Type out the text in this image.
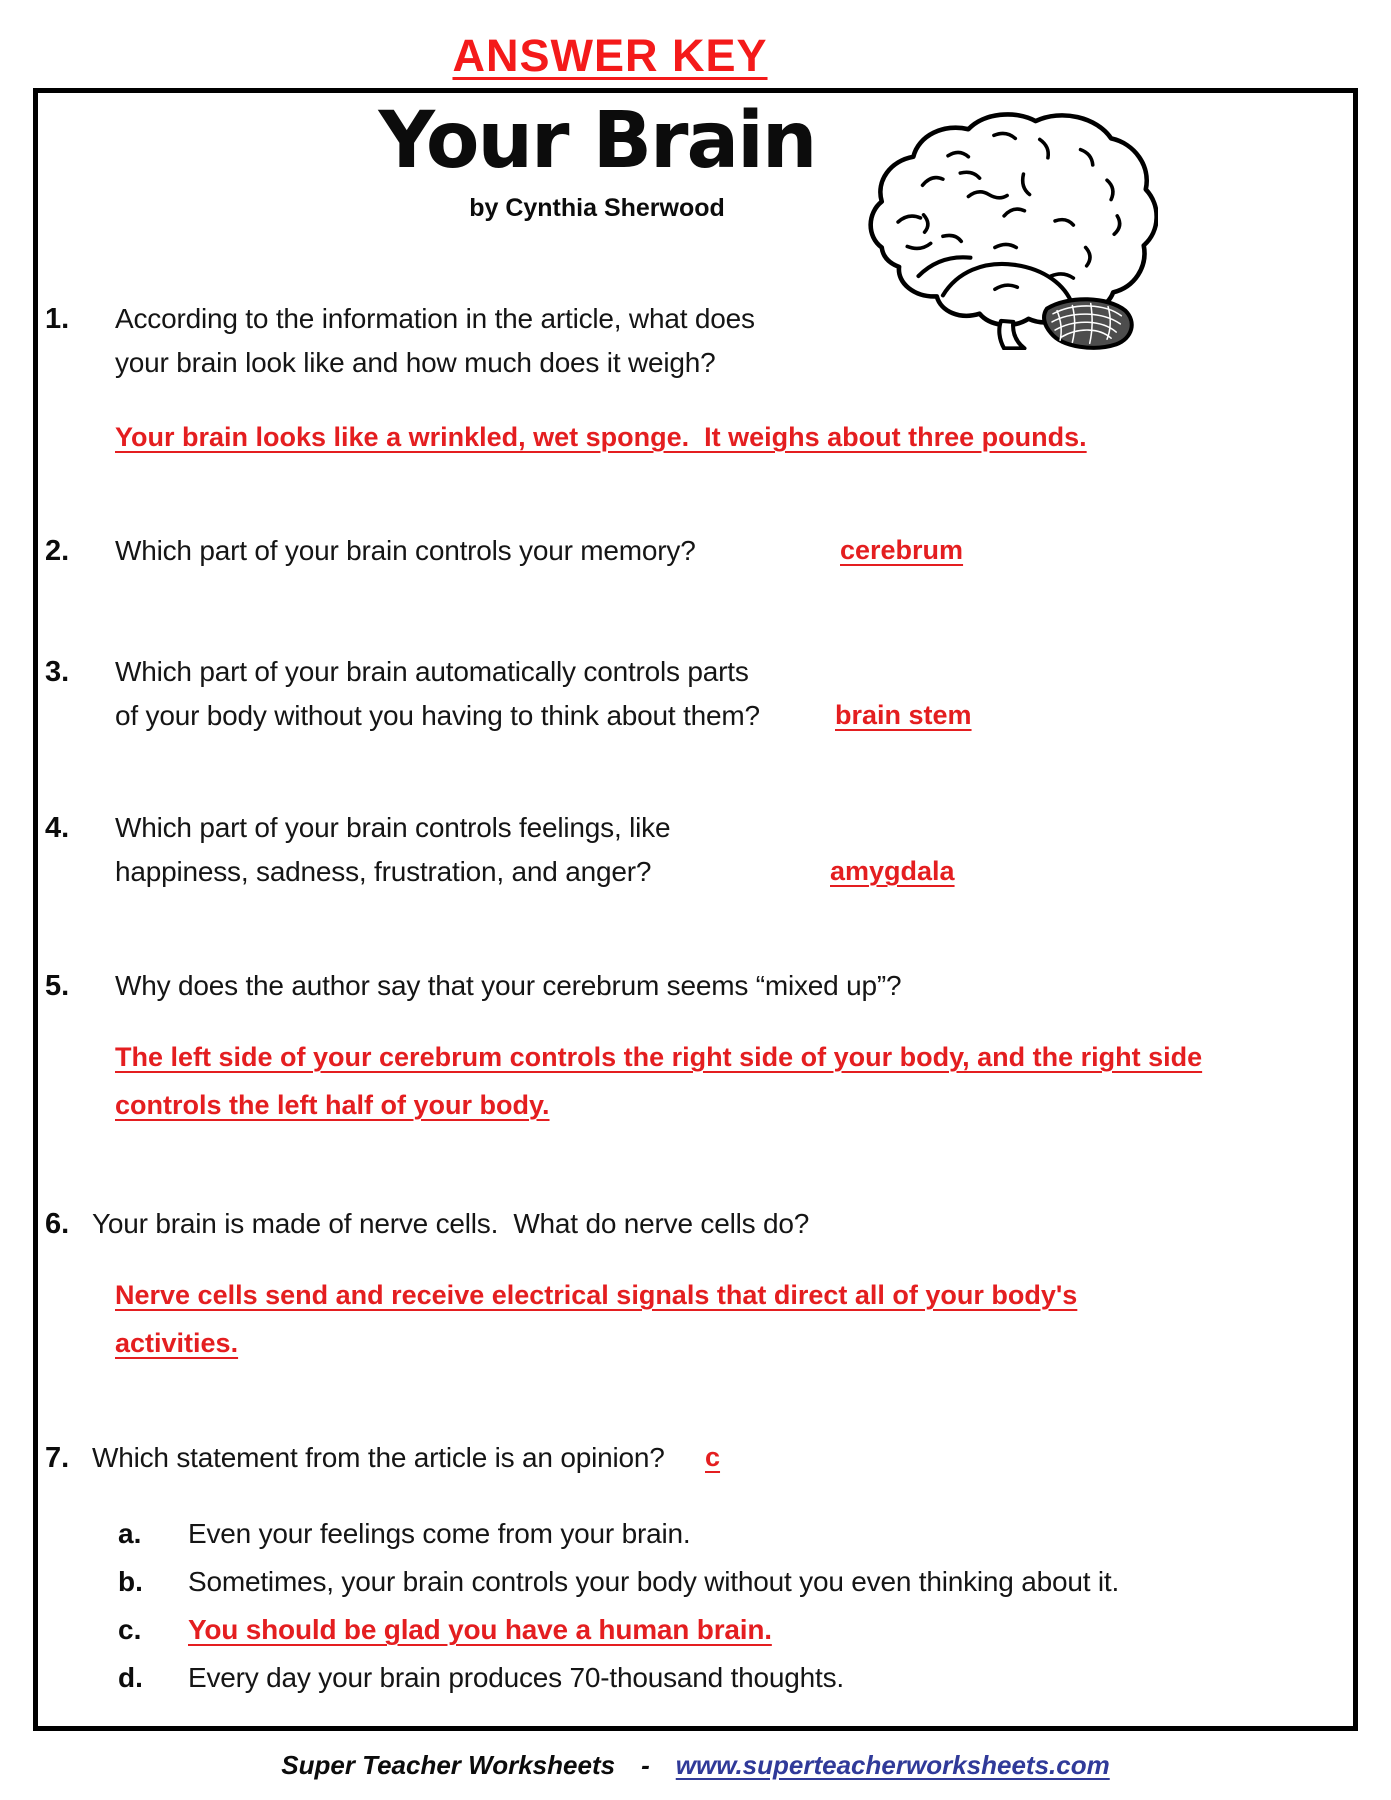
ANSWER KEY
Your Brain
by Cynthia Sherwood
1. According to the information in the article, what does
your brain look like and how much does it weigh?
Your brain looks like a wrinkled, wet sponge.  It weighs about three pounds.
2. Which part of your brain controls your memory?	cerebrum
3. Which part of your brain automatically controls parts
of your body without you having to think about them?	brain stem
4. Which part of your brain controls feelings, like
happiness, sadness, frustration, and anger?	amygdala
5. Why does the author say that your cerebrum seems “mixed up”?
The left side of your cerebrum controls the right side of your body, and the right side
controls the left half of your body.
6. Your brain is made of nerve cells.  What do nerve cells do?
Nerve cells send and receive electrical signals that direct all of your body's
activities.
7. Which statement from the article is an opinion? c
a. Even your feelings come from your brain.
b. Sometimes, your brain controls your body without you even thinking about it.
c. You should be glad you have a human brain.
d. Every day your brain produces 70-thousand thoughts.
Super Teacher Worksheets - www.superteacherworksheets.com
